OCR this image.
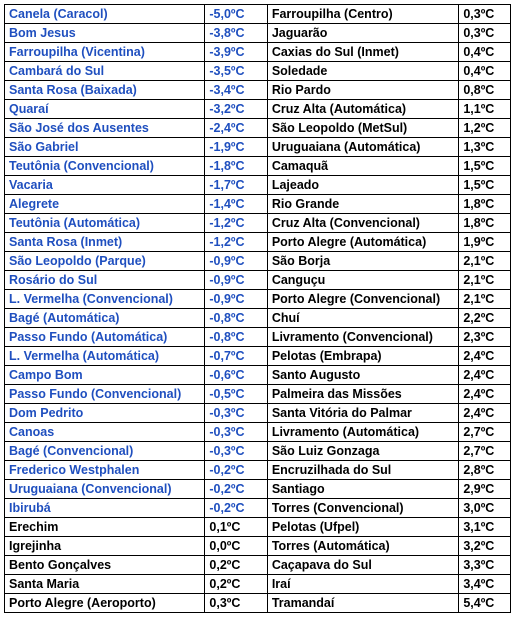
Canela (Caracol)	-5,0ºC	Farroupilha (Centro)	0,3ºC
Bom Jesus	-3,8ºC	Jaguarão	0,3ºC
Farroupilha (Vicentina)	-3,9ºC	Caxias do Sul (Inmet)	0,4ºC
Cambará do Sul	-3,5ºC	Soledade	0,4ºC
Santa Rosa (Baixada)	-3,4ºC	Rio Pardo	0,8ºC
Quaraí	-3,2ºC	Cruz Alta (Automática)	1,1ºC
São José dos Ausentes	-2,4ºC	São Leopoldo (MetSul)	1,2ºC
São Gabriel	-1,9ºC	Uruguaiana (Automática)	1,3ºC
Teutônia (Convencional)	-1,8ºC	Camaquã	1,5ºC
Vacaria	-1,7ºC	Lajeado	1,5ºC
Alegrete	-1,4ºC	Rio Grande	1,8ºC
Teutônia (Automática)	-1,2ºC	Cruz Alta (Convencional)	1,8ºC
Santa Rosa (Inmet)	-1,2ºC	Porto Alegre (Automática)	1,9ºC
São Leopoldo (Parque)	-0,9ºC	São Borja	2,1ºC
Rosário do Sul	-0,9ºC	Canguçu	2,1ºC
L. Vermelha (Convencional)	-0,9ºC	Porto Alegre (Convencional)	2,1ºC
Bagé (Automática)	-0,8ºC	Chuí	2,2ºC
Passo Fundo (Automática)	-0,8ºC	Livramento (Convencional)	2,3ºC
L. Vermelha (Automática)	-0,7ºC	Pelotas (Embrapa)	2,4ºC
Campo Bom	-0,6ºC	Santo Augusto	2,4ºC
Passo Fundo (Convencional)	-0,5ºC	Palmeira das Missões	2,4ºC
Dom Pedrito	-0,3ºC	Santa Vitória do Palmar	2,4ºC
Canoas	-0,3ºC	Livramento (Automática)	2,7ºC
Bagé (Convencional)	-0,3ºC	São Luiz Gonzaga	2,7ºC
Frederico Westphalen	-0,2ºC	Encruzilhada do Sul	2,8ºC
Uruguaiana (Convencional)	-0,2ºC	Santiago	2,9ºC
Ibirubá	-0,2ºC	Torres (Convencional)	3,0ºC
Erechim	0,1ºC	Pelotas (Ufpel)	3,1ºC
Igrejinha	0,0ºC	Torres (Automática)	3,2ºC
Bento Gonçalves	0,2ºC	Caçapava do Sul	3,3ºC
Santa Maria	0,2ºC	Iraí	3,4ºC
Porto Alegre (Aeroporto)	0,3ºC	Tramandaí	5,4ºC
